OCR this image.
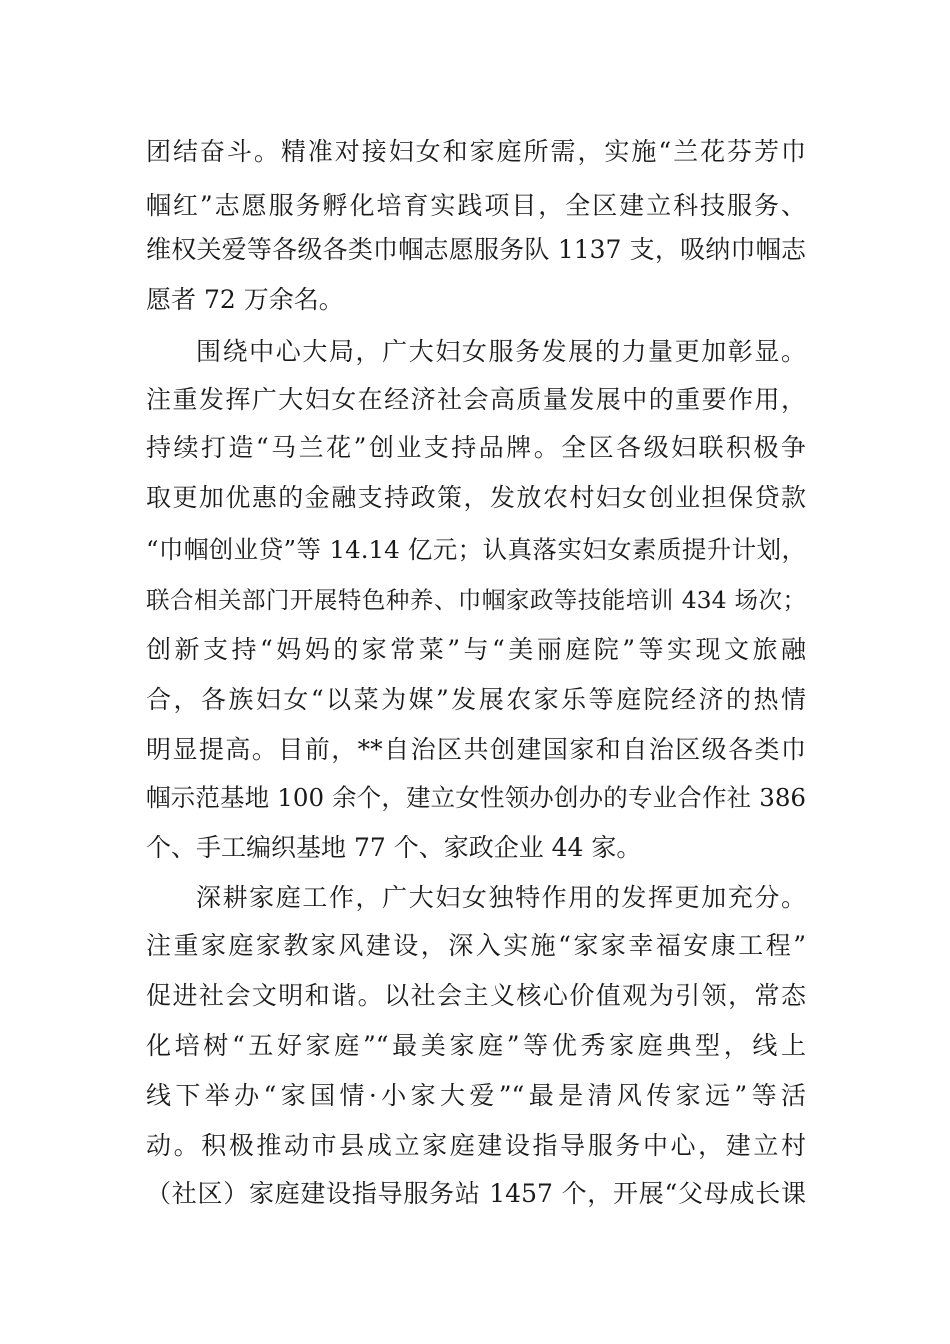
团结奋斗。精准对接妇女和家庭所需，实施“兰花芬芳巾
帼红”志愿服务孵化培育实践项目，全区建立科技服务、
维权关爱等各级各类巾帼志愿服务队 1137 支，吸纳巾帼志
愿者 72 万余名。
围绕中心大局，广大妇女服务发展的力量更加彰显。
注重发挥广大妇女在经济社会高质量发展中的重要作用，
持续打造“马兰花”创业支持品牌。全区各级妇联积极争
取更加优惠的金融支持政策，发放农村妇女创业担保贷款
“巾帼创业贷”等 14.14 亿元；认真落实妇女素质提升计划，
联合相关部门开展特色种养、巾帼家政等技能培训 434 场次；
创新支持“妈妈的家常菜”与“美丽庭院”等实现文旅融
合，各族妇女“以菜为媒”发展农家乐等庭院经济的热情
明显提高。目前，**自治区共创建国家和自治区级各类巾
帼示范基地 100 余个，建立女性领办创办的专业合作社 386
个、手工编织基地 77 个、家政企业 44 家。
深耕家庭工作，广大妇女独特作用的发挥更加充分。
注重家庭家教家风建设，深入实施“家家幸福安康工程”
促进社会文明和谐。以社会主义核心价值观为引领，常态
化培树“五好家庭”“最美家庭”等优秀家庭典型，线上
线下举办“家国情·小家大爱”“最是清风传家远”等活
动。积极推动市县成立家庭建设指导服务中心，建立村
（社区）家庭建设指导服务站 1457 个，开展“父母成长课
